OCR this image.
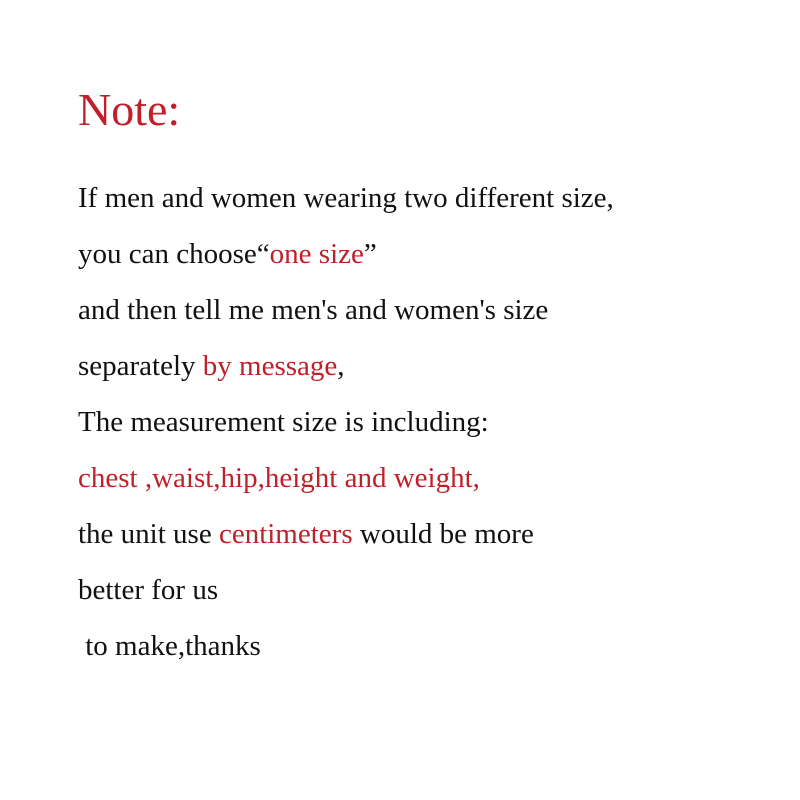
Note:
If men and women wearing two different size,
you can choose“one size”
and then tell me men's and women's size
separately by message,
The measurement size is including:
chest ,waist,hip,height and weight,
the unit use centimeters would be more
better for us
to make,thanks
